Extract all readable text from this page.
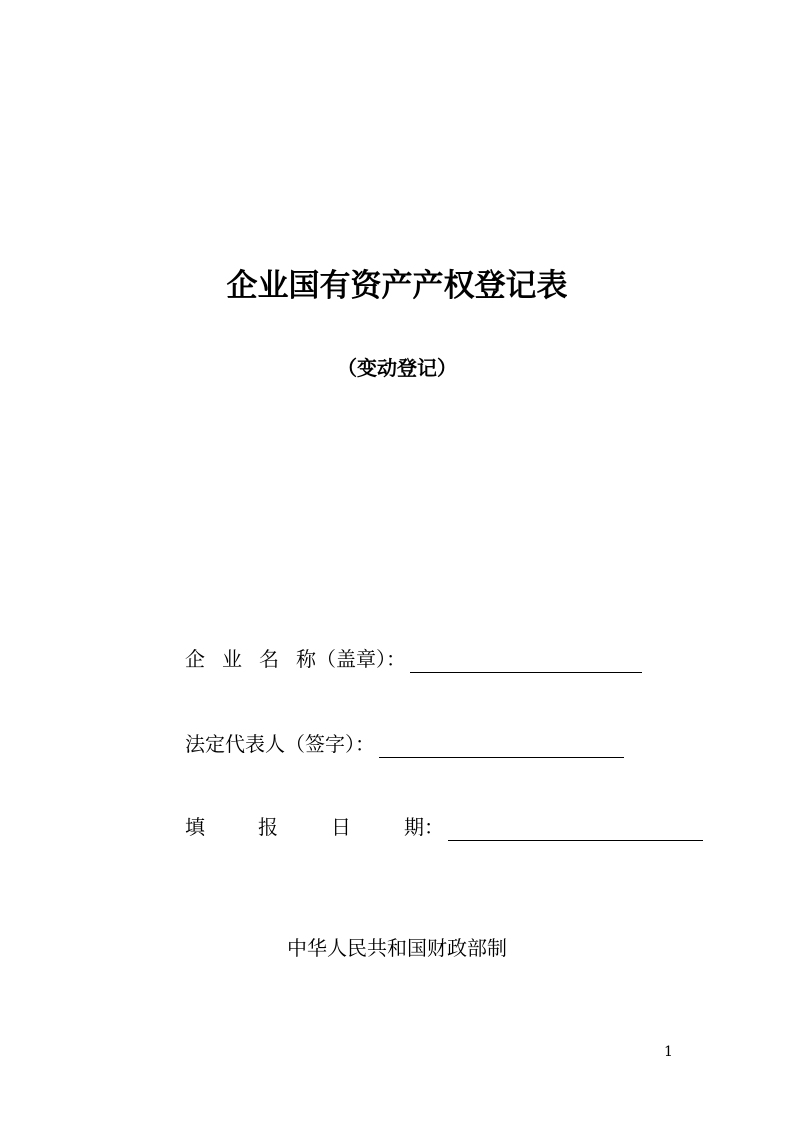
企业国有资产产权登记表
（变动登记）
企 业 名 称（盖章）：
法定代表人（签字）：
填	报	日	期：
中华人民共和国财政部制
1
